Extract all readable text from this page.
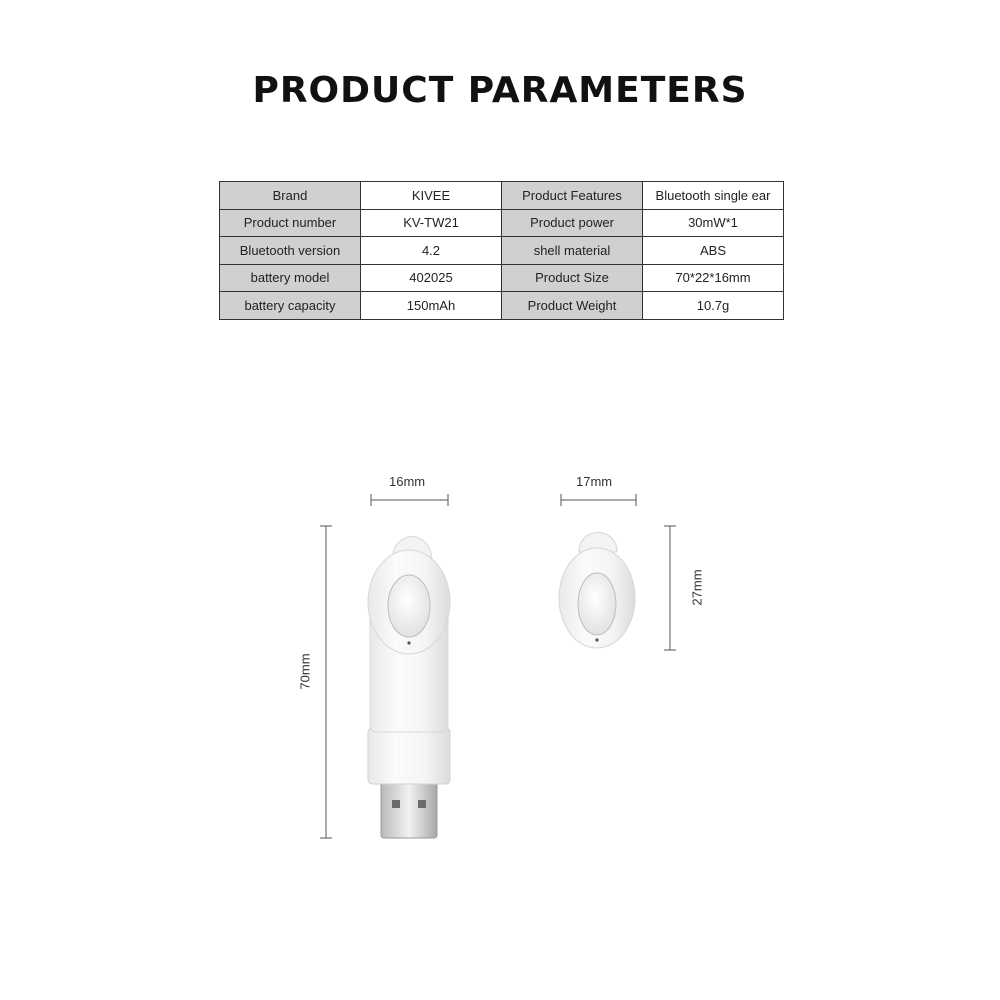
PRODUCT PARAMETERS
Brand	KIVEE	Product Features	Bluetooth single ear
Product number	KV-TW21	Product power	30mW*1
Bluetooth version	4.2	shell material	ABS
battery model	402025	Product Size	70*22*16mm
battery capacity	150mAh	Product Weight	10.7g
16mm	17mm
70mm
27mm
